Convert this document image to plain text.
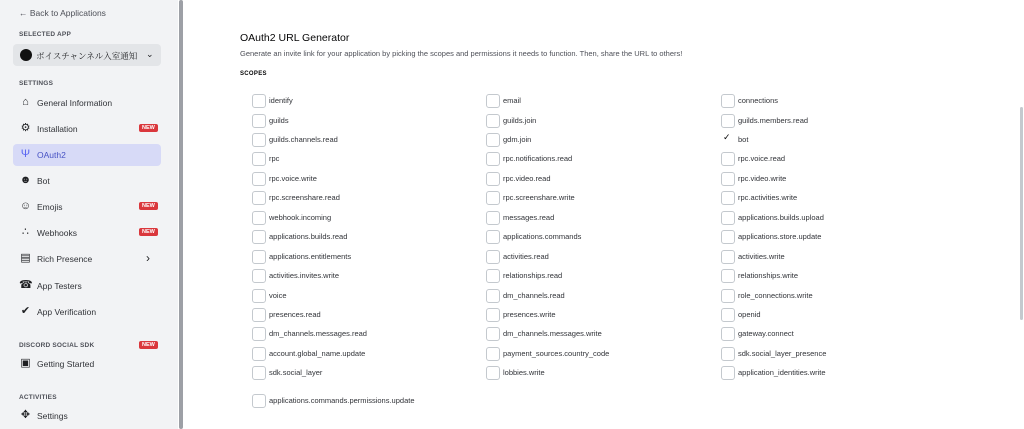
← Back to Applications
SELECTED APP
ボイスチャンネル入室通知 ⌄
SETTINGS
⌂ General Information
⚙ Installation	NEW
Ψ OAuth2
☻ Bot
☺ Emojis	NEW
∴ Webhooks	NEW
▤ Rich Presence	›
☎ App Testers
✔ App Verification
DISCORD SOCIAL SDK	NEW
▣ Getting Started
ACTIVITIES
✥ Settings
OAuth2 URL Generator
Generate an invite link for your application by picking the scopes and permissions it needs to function. Then, share the URL to others!
SCOPES
identify	email	connections
guilds	guilds.join	guilds.members.read
guilds.channels.read	gdm.join	✓ bot
rpc	rpc.notifications.read	rpc.voice.read
rpc.voice.write	rpc.video.read	rpc.video.write
rpc.screenshare.read	rpc.screenshare.write	rpc.activities.write
webhook.incoming	messages.read	applications.builds.upload
applications.builds.read	applications.commands	applications.store.update
applications.entitlements	activities.read	activities.write
activities.invites.write	relationships.read	relationships.write
voice	dm_channels.read	role_connections.write
presences.read	presences.write	openid
dm_channels.messages.read	dm_channels.messages.write	gateway.connect
account.global_name.update	payment_sources.country_code	sdk.social_layer_presence
sdk.social_layer	lobbies.write	application_identities.write
applications.commands.permissions.update
